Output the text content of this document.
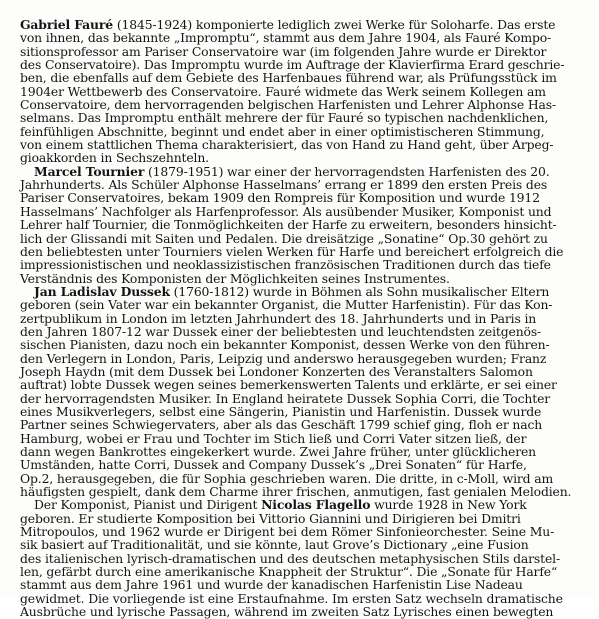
Gabriel Fauré (1845-1924) komponierte lediglich zwei Werke für Soloharfe. Das erste
von ihnen, das bekannte „Impromptu“, stammt aus dem Jahre 1904, als Fauré Kompo-
sitionsprofessor am Pariser Conservatoire war (im folgenden Jahre wurde er Direktor
des Conservatoire). Das Impromptu wurde im Auftrage der Klavierfirma Erard geschrie-
ben, die ebenfalls auf dem Gebiete des Harfenbaues führend war, als Prüfungsstück im
1904er Wettbewerb des Conservatoire. Fauré widmete das Werk seinem Kollegen am
Conservatoire, dem hervorragenden belgischen Harfenisten und Lehrer Alphonse Has-
selmans. Das Impromptu enthält mehrere der für Fauré so typischen nachdenklichen,
feinfühligen Abschnitte, beginnt und endet aber in einer optimistischeren Stimmung,
von einem stattlichen Thema charakterisiert, das von Hand zu Hand geht, über Arpeg-
gioakkorden in Sechszehnteln.
Marcel Tournier (1879-1951) war einer der hervorragendsten Harfenisten des 20.
Jahrhunderts. Als Schüler Alphonse Hasselmans’ errang er 1899 den ersten Preis des
Pariser Conservatoires, bekam 1909 den Rompreis für Komposition und wurde 1912
Hasselmans’ Nachfolger als Harfenprofessor. Als ausübender Musiker, Komponist und
Lehrer half Tournier, die Tonmöglichkeiten der Harfe zu erweitern, besonders hinsicht-
lich der Glissandi mit Saiten und Pedalen. Die dreisätzige „Sonatine“ Op.30 gehört zu
den beliebtesten unter Tourniers vielen Werken für Harfe und bereichert erfolgreich die
impressionistischen und neoklassizistischen französischen Traditionen durch das tiefe
Verständnis des Komponisten der Möglichkeiten seines Instrumentes.
Jan Ladislav Dussek (1760-1812) wurde in Böhmen als Sohn musikalischer Eltern
geboren (sein Vater war ein bekannter Organist, die Mutter Harfenistin). Für das Kon-
zertpublikum in London im letzten Jahrhundert des 18. Jahrhunderts und in Paris in
den Jahren 1807-12 war Dussek einer der beliebtesten und leuchtendsten zeitgenös-
sischen Pianisten, dazu noch ein bekannter Komponist, dessen Werke von den führen-
den Verlegern in London, Paris, Leipzig und anderswo herausgegeben wurden; Franz
Joseph Haydn (mit dem Dussek bei Londoner Konzerten des Veranstalters Salomon
auftrat) lobte Dussek wegen seines bemerkenswerten Talents und erklärte, er sei einer
der hervorragendsten Musiker. In England heiratete Dussek Sophia Corri, die Tochter
eines Musikverlegers, selbst eine Sängerin, Pianistin und Harfenistin. Dussek wurde
Partner seines Schwiegervaters, aber als das Geschäft 1799 schief ging, floh er nach
Hamburg, wobei er Frau und Tochter im Stich ließ und Corri Vater sitzen ließ, der
dann wegen Bankrottes eingekerkert wurde. Zwei Jahre früher, unter glücklicheren
Umständen, hatte Corri, Dussek and Company Dussek’s „Drei Sonaten“ für Harfe,
Op.2, herausgegeben, die für Sophia geschrieben waren. Die dritte, in c-Moll, wird am
häufigsten gespielt, dank dem Charme ihrer frischen, anmutigen, fast genialen Melodien.
Der Komponist, Pianist und Dirigent Nicolas Flagello wurde 1928 in New York
geboren. Er studierte Komposition bei Vittorio Giannini und Dirigieren bei Dmitri
Mitropoulos, und 1962 wurde er Dirigent bei dem Römer Sinfonieorchester. Seine Mu-
sik basiert auf Traditionalität, und sie könnte, laut Grove’s Dictionary „eine Fusion
des italienischen lyrisch-dramatischen und des deutschen metaphysischen Stils darstel-
len, gefärbt durch eine amerikanische Knappheit der Struktur“. Die „Sonate für Harfe“
stammt aus dem Jahre 1961 und wurde der kanadischen Harfenistin Lise Nadeau
gewidmet. Die vorliegende ist eine Erstaufnahme. Im ersten Satz wechseln dramatische
Ausbrüche und lyrische Passagen, während im zweiten Satz Lyrisches einen bewegten
